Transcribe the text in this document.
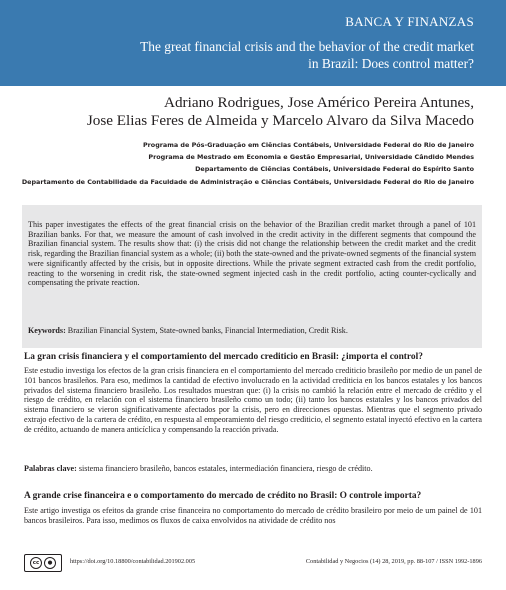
BANCA Y FINANZAS
The great financial crisis and the behavior of the credit market
in Brazil: Does control matter?
Adriano Rodrigues, Jose Américo Pereira Antunes,
Jose Elias Feres de Almeida y Marcelo Alvaro da Silva Macedo
Programa de Pós-Graduação em Ciências Contábeis, Universidade Federal do Rio de Janeiro
Programa de Mestrado em Economia e Gestão Empresarial, Universidade Cândido Mendes
Departamento de Ciências Contábeis, Universidade Federal do Espírito Santo
Departamento de Contabilidade da Faculdade de Administração e Ciências Contábeis, Universidade Federal do Rio de Janeiro
This paper investigates the effects of the great financial crisis on the behavior of the Brazilian credit market through a panel of 101 Brazilian banks. For that, we measure the amount of cash involved in the credit activity in the different segments that compound the Brazilian financial system. The results show that: (i) the crisis did not change the relationship between the credit market and the credit risk, regarding the Brazilian financial system as a whole; (ii) both the state-owned and the private-owned segments of the financial system were significantly affected by the crisis, but in opposite directions. While the private segment extracted cash from the credit portfolio, reacting to the worsening in credit risk, the state-owned segment injected cash in the credit portfolio, acting counter-cyclically and compensating the private reaction.
Keywords: Brazilian Financial System, State-owned banks, Financial Intermediation, Credit Risk.
La gran crisis financiera y el comportamiento del mercado crediticio en Brasil: ¿importa el control?
Este estudio investiga los efectos de la gran crisis financiera en el comportamiento del mercado crediticio brasileño por medio de un panel de 101 bancos brasileños. Para eso, medimos la cantidad de efectivo involucrado en la actividad crediticia en los bancos estatales y los bancos privados del sistema financiero brasileño. Los resultados muestran que: (i) la crisis no cambió la relación entre el mercado de crédito y el riesgo de crédito, en relación con el sistema financiero brasileño como un todo; (ii) tanto los bancos estatales y los bancos privados del sistema financiero se vieron significativamente afectados por la crisis, pero en direcciones opuestas. Mientras que el segmento privado extrajo efectivo de la cartera de crédito, en respuesta al empeoramiento del riesgo crediticio, el segmento estatal inyectó efectivo en la cartera de crédito, actuando de manera anticíclica y compensando la reacción privada.
Palabras clave: sistema financiero brasileño, bancos estatales, intermediación financiera, riesgo de crédito.
A grande crise financeira e o comportamento do mercado de crédito no Brasil: O controle importa?
Este artigo investiga os efeitos da grande crise financeira no comportamento do mercado de crédito brasileiro por meio de um painel de 101 bancos brasileiros. Para isso, medimos os fluxos de caixa envolvidos na atividade de crédito nos
cc	●	https://doi.org/10.18800/contabilidad.201902.005	Contabilidad y Negocios (14) 28, 2019, pp. 88-107 / ISSN 1992-1896
